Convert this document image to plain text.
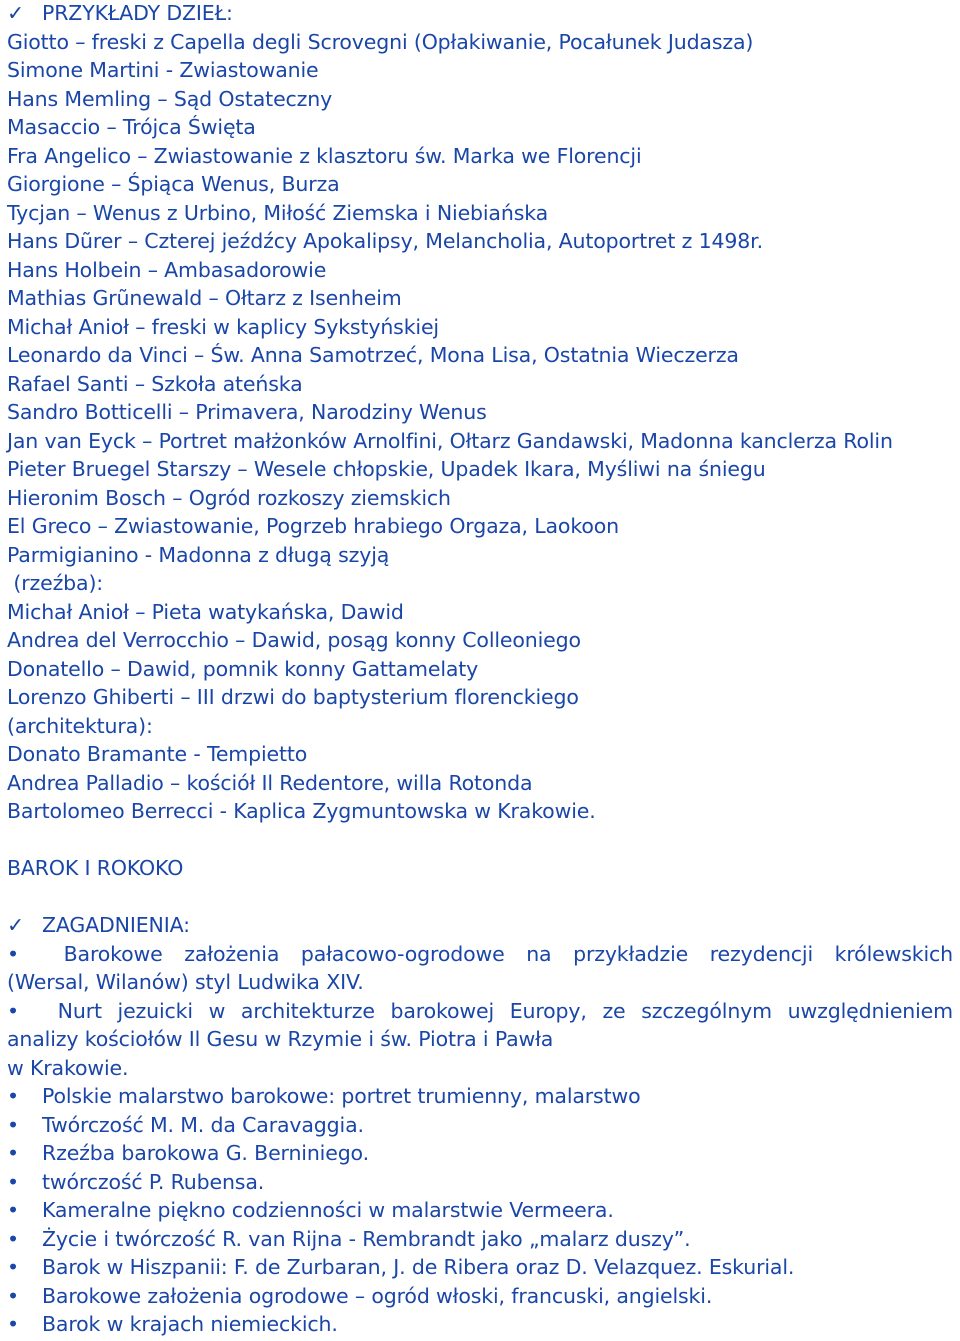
✓ PRZYKŁADY DZIEŁ:
Giotto – freski z Capella degli Scrovegni (Opłakiwanie, Pocałunek Judasza)
Simone Martini - Zwiastowanie
Hans Memling – Sąd Ostateczny
Masaccio – Trójca Święta
Fra Angelico – Zwiastowanie z klasztoru św. Marka we Florencji
Giorgione – Śpiąca Wenus, Burza
Tycjan – Wenus z Urbino, Miłość Ziemska i Niebiańska
Hans Dũrer – Czterej jeźdźcy Apokalipsy, Melancholia, Autoportret z 1498r.
Hans Holbein – Ambasadorowie
Mathias Grũnewald – Ołtarz z Isenheim
Michał Anioł – freski w kaplicy Sykstyńskiej
Leonardo da Vinci – Św. Anna Samotrzeć, Mona Lisa, Ostatnia Wieczerza
Rafael Santi – Szkoła ateńska
Sandro Botticelli – Primavera, Narodziny Wenus
Jan van Eyck – Portret małżonków Arnolfini, Ołtarz Gandawski, Madonna kanclerza Rolin
Pieter Bruegel Starszy – Wesele chłopskie, Upadek Ikara, Myśliwi na śniegu
Hieronim Bosch – Ogród rozkoszy ziemskich
El Greco – Zwiastowanie, Pogrzeb hrabiego Orgaza, Laokoon
Parmigianino - Madonna z długą szyją
(rzeźba):
Michał Anioł – Pieta watykańska, Dawid
Andrea del Verrocchio – Dawid, posąg konny Colleoniego
Donatello – Dawid, pomnik konny Gattamelaty
Lorenzo Ghiberti – III drzwi do baptysterium florenckiego
(architektura):
Donato Bramante - Tempietto
Andrea Palladio – kościół Il Redentore, willa Rotonda
Bartolomeo Berrecci - Kaplica Zygmuntowska w Krakowie.
BAROK I ROKOKO
✓ ZAGADNIENIA:
•	Barokowe założenia pałacowo-ogrodowe na przykładzie rezydencji królewskich
(Wersal, Wilanów) styl Ludwika XIV.
•	Nurt jezuicki w architekturze barokowej Europy, ze szczególnym uwzględnieniem
analizy kościołów Il Gesu w Rzymie i św. Piotra i Pawła
w Krakowie.
•	Polskie malarstwo barokowe: portret trumienny, malarstwo
•	Twórczość M. M. da Caravaggia.
•	Rzeźba barokowa G. Berniniego.
•	twórczość P. Rubensa.
•	Kameralne piękno codzienności w malarstwie Vermeera.
•	Życie i twórczość R. van Rijna - Rembrandt jako „malarz duszy”.
•	Barok w Hiszpanii: F. de Zurbaran, J. de Ribera oraz D. Velazquez. Eskurial.
•	Barokowe założenia ogrodowe – ogród włoski, francuski, angielski.
•	Barok w krajach niemieckich.
